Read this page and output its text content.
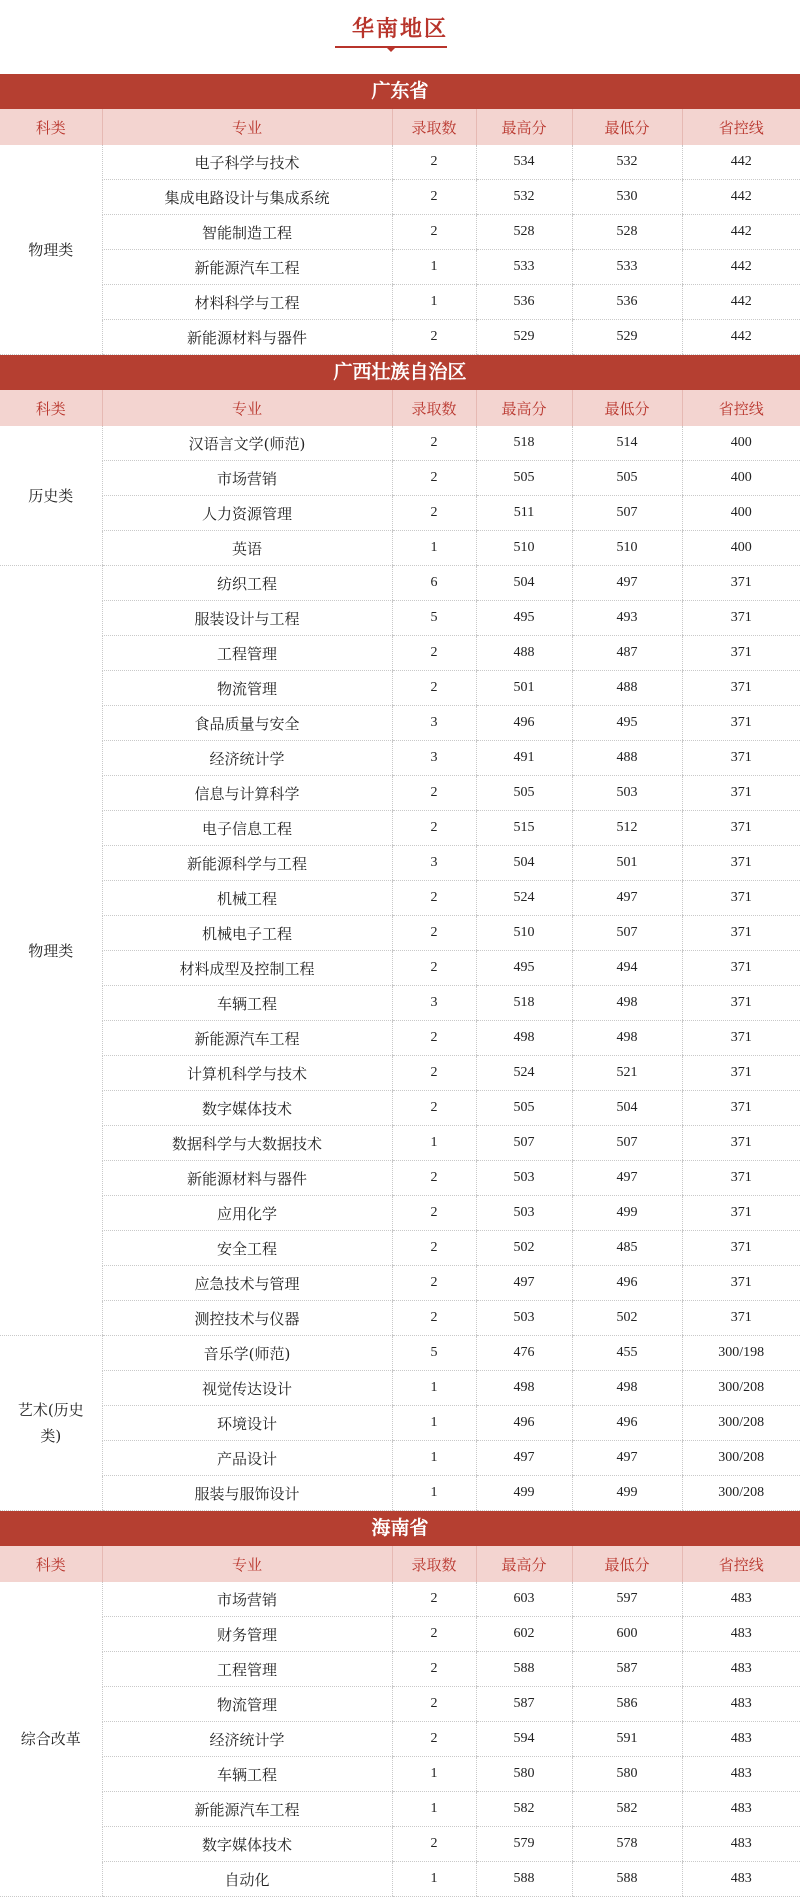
华南地区
广东省
科类	专业	录取数	最高分	最低分	省控线
物理类	电子科学与技术	2	534	532	442
	集成电路设计与集成系统	2	532	530	442
	智能制造工程	2	528	528	442
	新能源汽车工程	1	533	533	442
	材料科学与工程	1	536	536	442
	新能源材料与器件	2	529	529	442
广西壮族自治区
科类	专业	录取数	最高分	最低分	省控线
历史类	汉语言文学(师范)	2	518	514	400
	市场营销	2	505	505	400
	人力资源管理	2	511	507	400
	英语	1	510	510	400
物理类	纺织工程	6	504	497	371
	服装设计与工程	5	495	493	371
	工程管理	2	488	487	371
	物流管理	2	501	488	371
	食品质量与安全	3	496	495	371
	经济统计学	3	491	488	371
	信息与计算科学	2	505	503	371
	电子信息工程	2	515	512	371
	新能源科学与工程	3	504	501	371
	机械工程	2	524	497	371
	机械电子工程	2	510	507	371
	材料成型及控制工程	2	495	494	371
	车辆工程	3	518	498	371
	新能源汽车工程	2	498	498	371
	计算机科学与技术	2	524	521	371
	数字媒体技术	2	505	504	371
	数据科学与大数据技术	1	507	507	371
	新能源材料与器件	2	503	497	371
	应用化学	2	503	499	371
	安全工程	2	502	485	371
	应急技术与管理	2	497	496	371
	测控技术与仪器	2	503	502	371
艺术(历史类)	音乐学(师范)	5	476	455	300/198
	视觉传达设计	1	498	498	300/208
	环境设计	1	496	496	300/208
	产品设计	1	497	497	300/208
	服装与服饰设计	1	499	499	300/208
海南省
科类	专业	录取数	最高分	最低分	省控线
综合改革	市场营销	2	603	597	483
	财务管理	2	602	600	483
	工程管理	2	588	587	483
	物流管理	2	587	586	483
	经济统计学	2	594	591	483
	车辆工程	1	580	580	483
	新能源汽车工程	1	582	582	483
	数字媒体技术	2	579	578	483
	自动化	1	588	588	483
